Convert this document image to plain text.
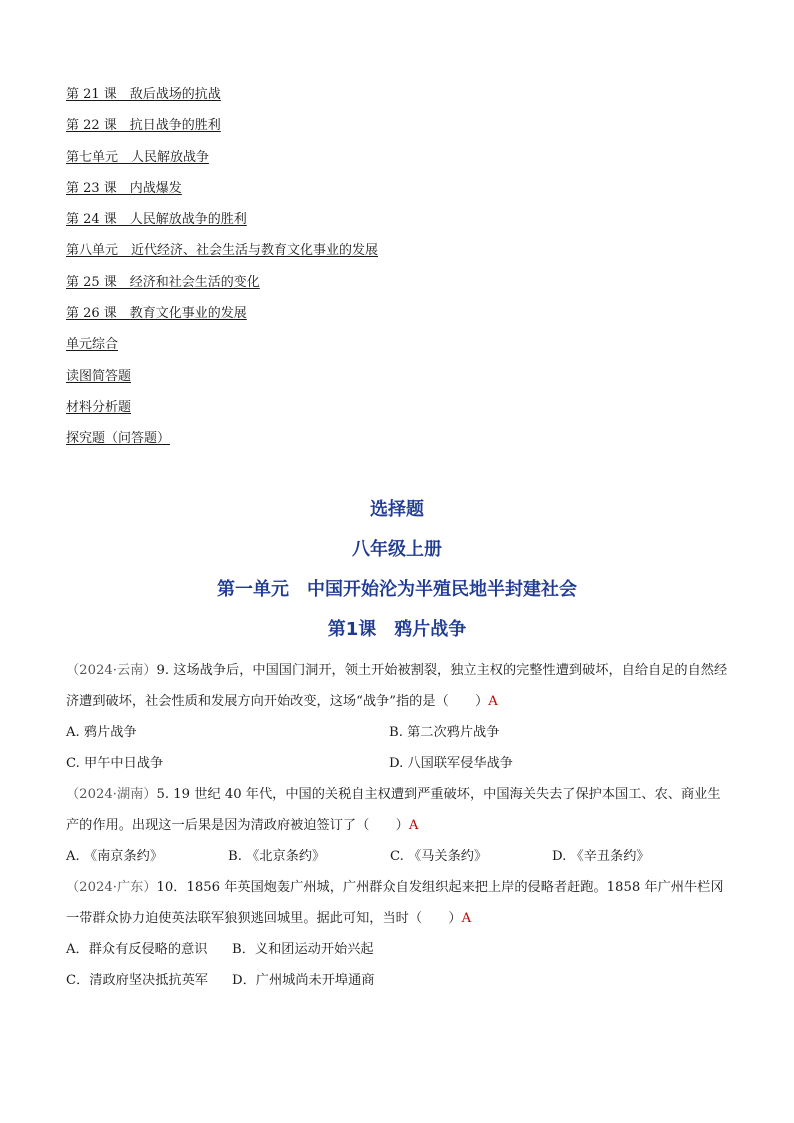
第 21 课　敌后战场的抗战
第 22 课　抗日战争的胜利
第七单元　人民解放战争
第 23 课　内战爆发
第 24 课　人民解放战争的胜利
第八单元　近代经济、社会生活与教育文化事业的发展
第 25 课　经济和社会生活的变化
第 26 课　教育文化事业的发展
单元综合
读图简答题
材料分析题
探究题（问答题）
选择题
八年级上册
第一单元　中国开始沦为半殖民地半封建社会
第1课　鸦片战争
（2024·云南）9. 这场战争后，中国国门洞开，领土开始被割裂，独立主权的完整性遭到破坏，自给自足的自然经济遭到破坏，社会性质和发展方向开始改变，这场“战争”指的是（　　）A
A. 鸦片战争	B. 第二次鸦片战争
C. 甲午中日战争	D. 八国联军侵华战争
（2024·湖南）5. 19 世纪 40 年代，中国的关税自主权遭到严重破坏，中国海关失去了保护本国工、农、商业生产的作用。出现这一后果是因为清政府被迫签订了（　　）A
A. 《南京条约》	B. 《北京条约》	C. 《马关条约》	D. 《辛丑条约》
（2024·广东）10．1856 年英国炮轰广州城，广州群众自发组织起来把上岸的侵略者赶跑。1858 年广州牛栏冈一带群众协力迫使英法联军狼狈逃回城里。据此可知，当时（　　）A
A．群众有反侵略的意识 B．义和团运动开始兴起
C．清政府坚决抵抗英军 D．广州城尚未开埠通商
